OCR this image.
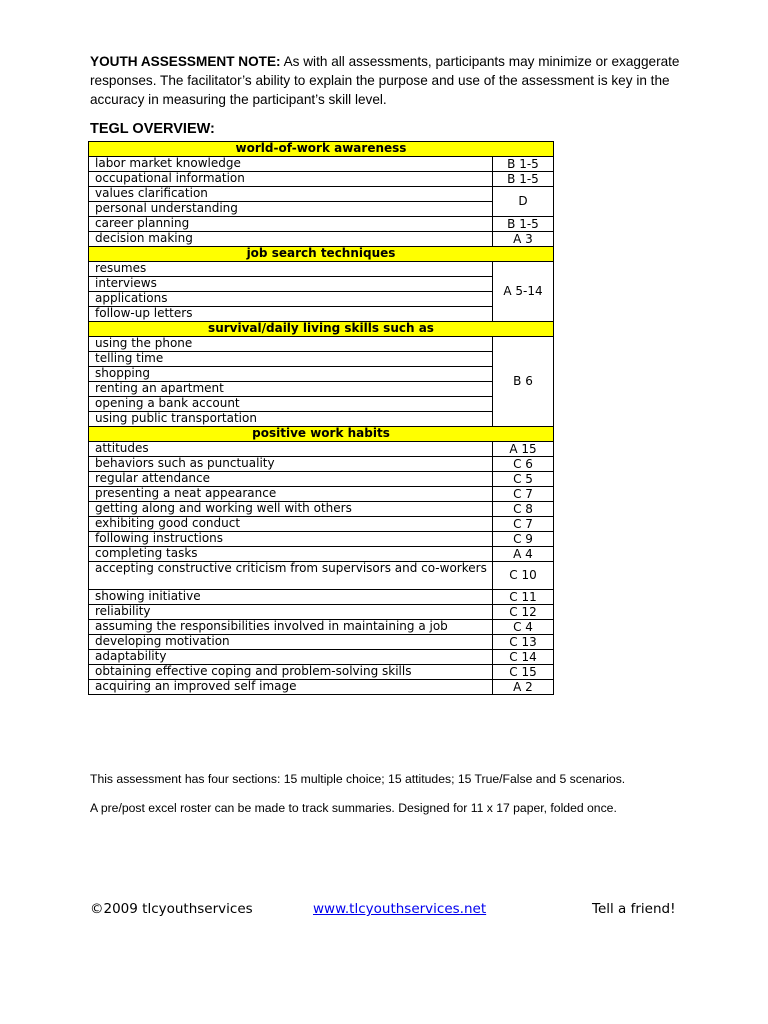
YOUTH ASSESSMENT NOTE: As with all assessments, participants may minimize or exaggerate responses. The facilitator’s ability to explain the purpose and use of the assessment is key in the accuracy in measuring the participant’s skill level.
TEGL OVERVIEW:
world-of-work awareness	
labor market knowledge	B 1-5
occupational information	B 1-5
values clarification	D
personal understanding	
career planning	B 1-5
decision making	A 3
job search techniques	
resumes	A 5-14
interviews	
applications	
follow-up letters	
survival/daily living skills such as	
using the phone	B 6
telling time	
shopping	
renting an apartment	
opening a bank account	
using public transportation	
positive work habits	
attitudes	A 15
behaviors such as punctuality	C 6
regular attendance	C 5
presenting a neat appearance	C 7
getting along and working well with others	C 8
exhibiting good conduct	C 7
following instructions	C 9
completing tasks	A 4
accepting constructive criticism from supervisors and co-workers	C 10
showing initiative	C 11
reliability	C 12
assuming the responsibilities involved in maintaining a job	C 4
developing motivation	C 13
adaptability	C 14
obtaining effective coping and problem-solving skills	C 15
acquiring an improved self image	A 2
This assessment has four sections: 15 multiple choice; 15 attitudes; 15 True/False and 5 scenarios.
A pre/post excel roster can be made to track summaries. Designed for 11 x 17 paper, folded once.
©2009 tlcyouthservices	www.tlcyouthservices.net	Tell a friend!
